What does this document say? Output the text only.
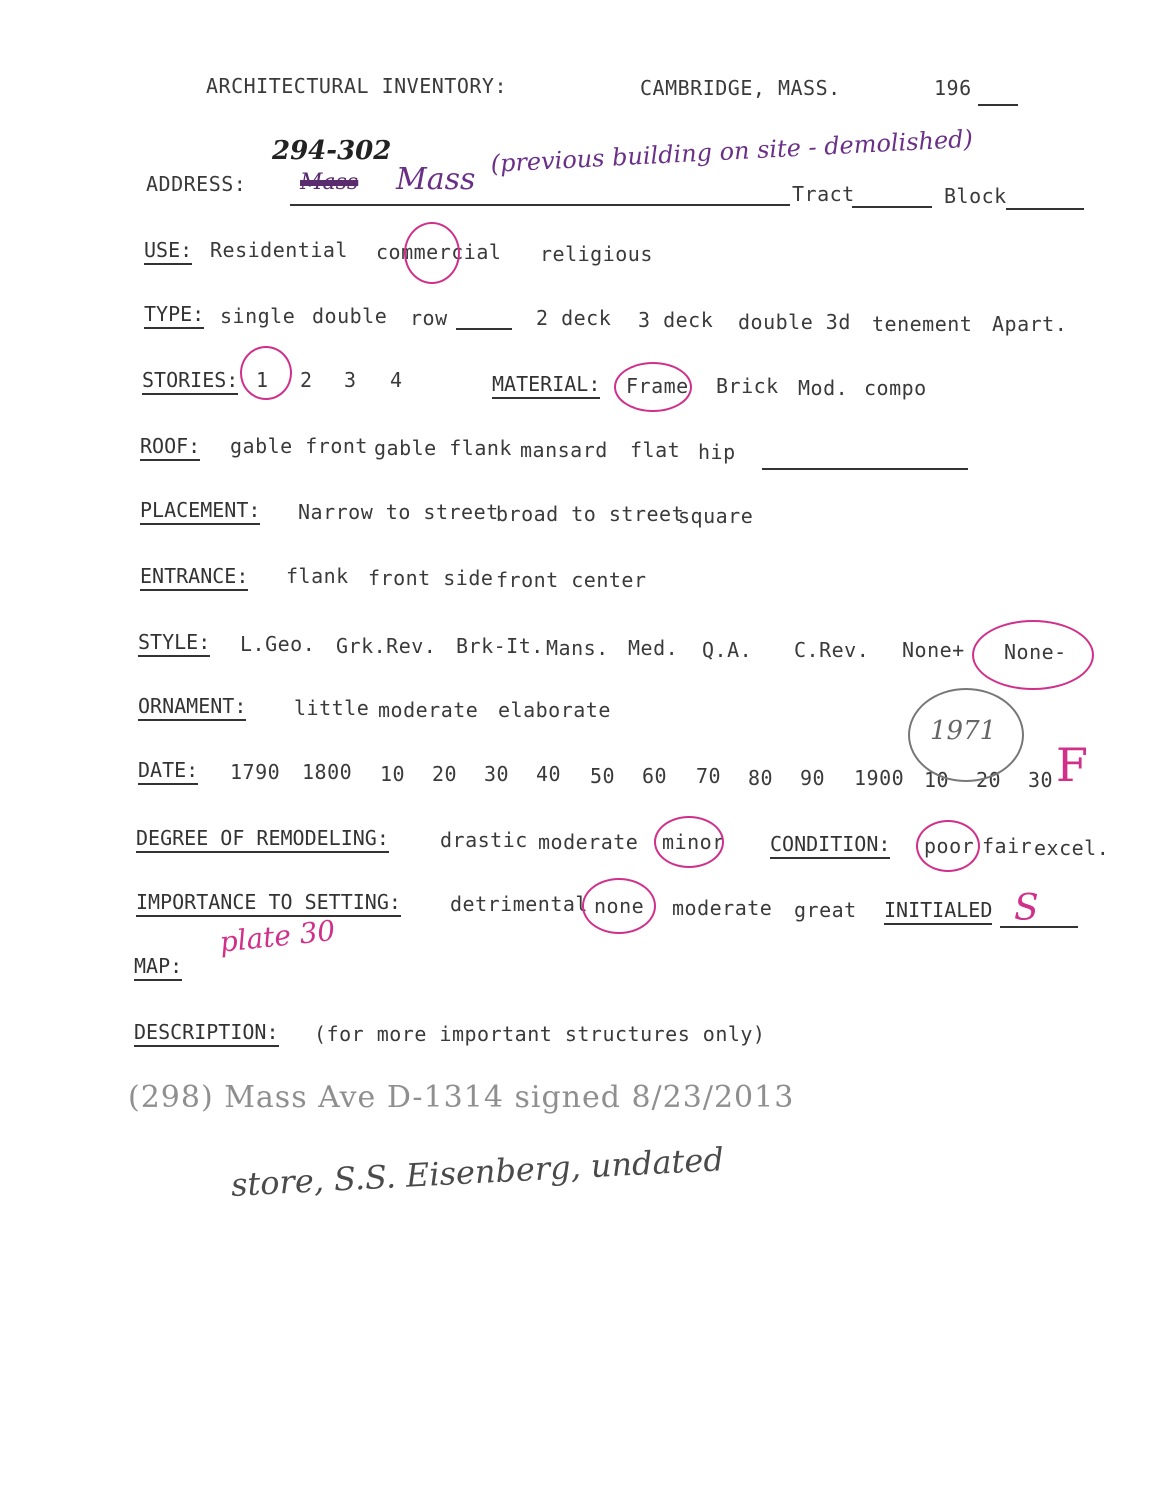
ARCHITECTURAL INVENTORY:	CAMBRIDGE, MASS.	196
294-302
ADDRESS: Mass Mass
(previous building on site - demolished)
Tract	Block
USE: Residential commercial religious
TYPE: single double row	2 deck 3 deck double 3d tenement Apart.
STORIES: 1 2 3 4	MATERIAL: Frame Brick Mod. compo
ROOF: gable front gable flank mansard flat hip
PLACEMENT: Narrow to street
broad to street
square
ENTRANCE: flank front side front center
STYLE: L.Geo. Grk.Rev. Brk-It. Mans. Med. Q.A. C.Rev. None+ None-
ORNAMENT: little moderate elaborate
DATE: 1790 1800 10 20 30 40 50 60 70 80 90 1900 10 20 30
1971
F
DEGREE OF REMODELING:	drastic moderate minor CONDITION: poor fair excel.
IMPORTANCE TO SETTING: detrimental none moderate great INITIALED S
MAP:
plate 30
DESCRIPTION: (for more important structures only)
(298) Mass Ave D-1314 signed 8/23/2013
store, S.S. Eisenberg, undated
